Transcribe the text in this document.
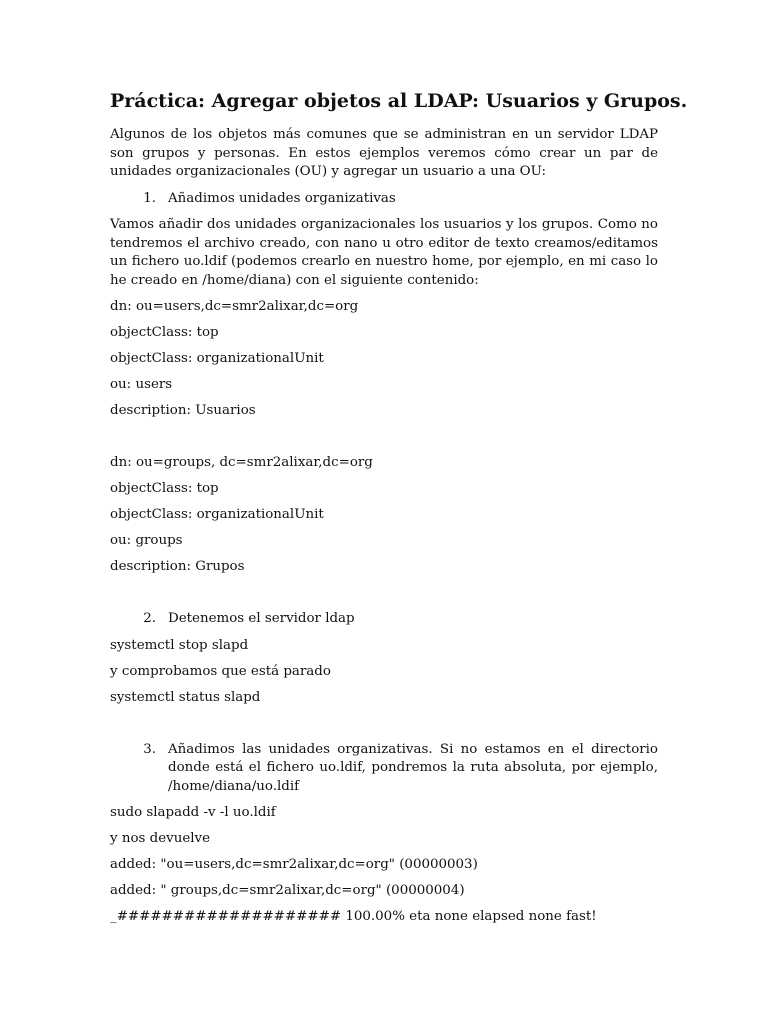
Práctica: Agregar objetos al LDAP: Usuarios y Grupos.
Algunos de los objetos más comunes que se administran en un servidor LDAP son grupos y personas. En estos ejemplos veremos cómo crear un par de unidades organizacionales (OU) y agregar un usuario a una OU:
1. Añadimos unidades organizativas
Vamos añadir dos unidades organizacionales los usuarios y los grupos. Como no tendremos el archivo creado, con nano u otro editor de texto creamos/editamos un fichero uo.ldif (podemos crearlo en nuestro home, por ejemplo, en mi caso lo he creado en /home/diana) con el siguiente contenido:
dn: ou=users,dc=smr2alixar,dc=org
objectClass: top
objectClass: organizationalUnit
ou: users
description: Usuarios
dn: ou=groups, dc=smr2alixar,dc=org
objectClass: top
objectClass: organizationalUnit
ou: groups
description: Grupos
2. Detenemos el servidor ldap
systemctl stop slapd
y comprobamos que está parado
systemctl status slapd
3. Añadimos las unidades organizativas. Si no estamos en el directorio donde está el fichero uo.ldif, pondremos la ruta absoluta, por ejemplo, /home/diana/uo.ldif
sudo slapadd -v -l uo.ldif
y nos devuelve
added: "ou=users,dc=smr2alixar,dc=org" (00000003)
added: " groups,dc=smr2alixar,dc=org" (00000004)
_#################### 100.00% eta none elapsed none fast!
